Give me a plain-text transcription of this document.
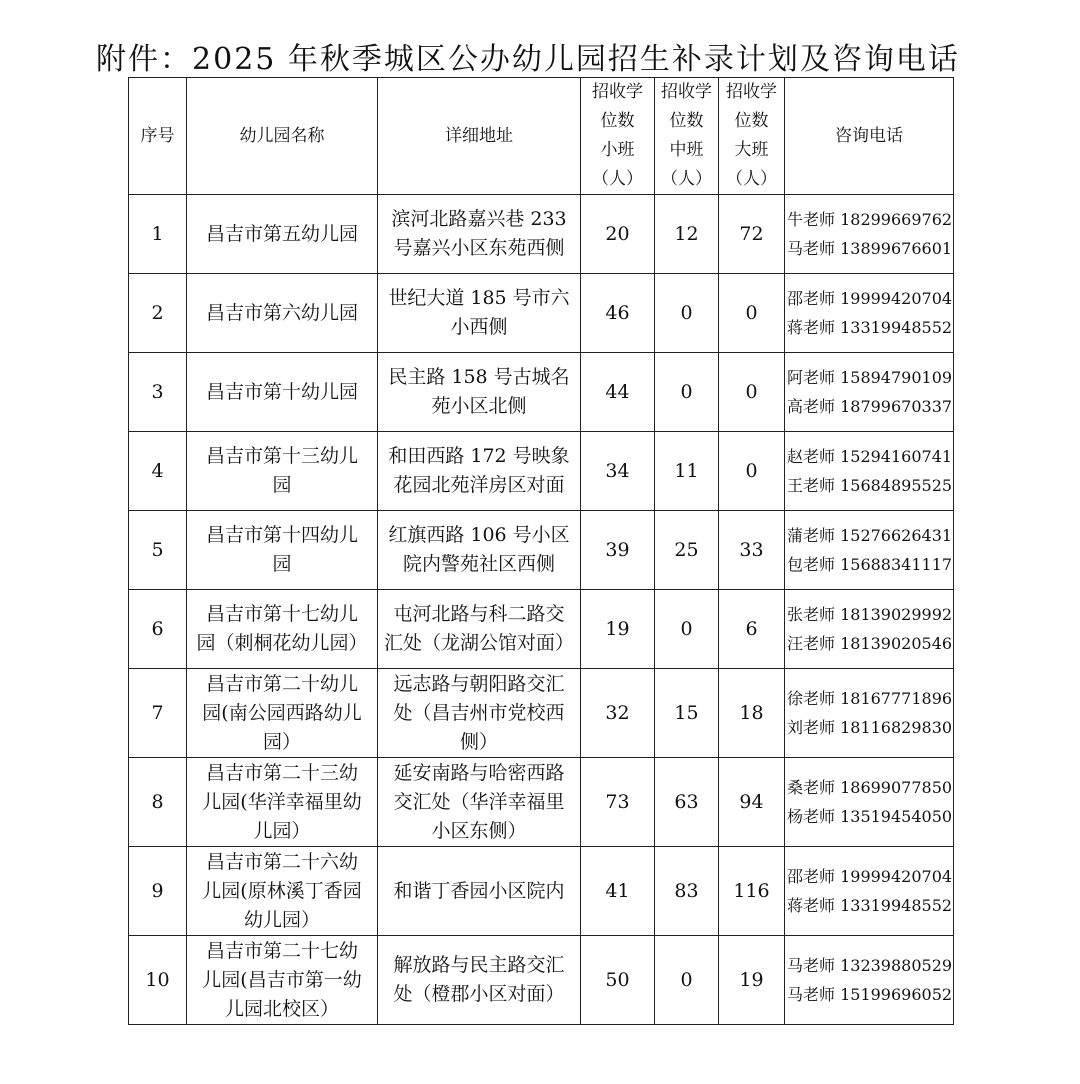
附件：2025 年秋季城区公办幼儿园招生补录计划及咨询电话
序号	幼儿园名称	详细地址	招收学
位数
小班
（人）	招收学
位数
中班
（人）	招收学
位数
大班
（人）	咨询电话
1	昌吉市第五幼儿园	滨河北路嘉兴巷 233
号嘉兴小区东苑西侧	20	12	72	牛老师 18299669762
马老师 13899676601

2	昌吉市第六幼儿园	世纪大道 185 号市六
小西侧	46	0	0	邵老师 19999420704
蒋老师 13319948552

3	昌吉市第十幼儿园	民主路 158 号古城名
苑小区北侧	44	0	0	阿老师 15894790109
高老师 18799670337

4	昌吉市第十三幼儿
园	和田西路 172 号映象
花园北苑洋房区对面	34	11	0	赵老师 15294160741
王老师 15684895525

5	昌吉市第十四幼儿
园	红旗西路 106 号小区
院内警苑社区西侧	39	25	33	蒲老师 15276626431
包老师 15688341117

6	昌吉市第十七幼儿
园（刺桐花幼儿园）	屯河北路与科二路交
汇处（龙湖公馆对面）	19	0	6	张老师 18139029992
汪老师 18139020546

7	昌吉市第二十幼儿
园(南公园西路幼儿
园）	远志路与朝阳路交汇
处（昌吉州市党校西
侧）	32	15	18	徐老师 18167771896
刘老师 18116829830

8	昌吉市第二十三幼
儿园(华洋幸福里幼
儿园）	延安南路与哈密西路
交汇处（华洋幸福里
小区东侧）	73	63	94	桑老师 18699077850
杨老师 13519454050

9	昌吉市第二十六幼
儿园(原林溪丁香园
幼儿园）	和谐丁香园小区院内	41	83	116	邵老师 19999420704
蒋老师 13319948552

10	昌吉市第二十七幼
儿园(昌吉市第一幼
儿园北校区）	解放路与民主路交汇
处（橙郡小区对面）	50	0	19	马老师 13239880529
马老师 15199696052
